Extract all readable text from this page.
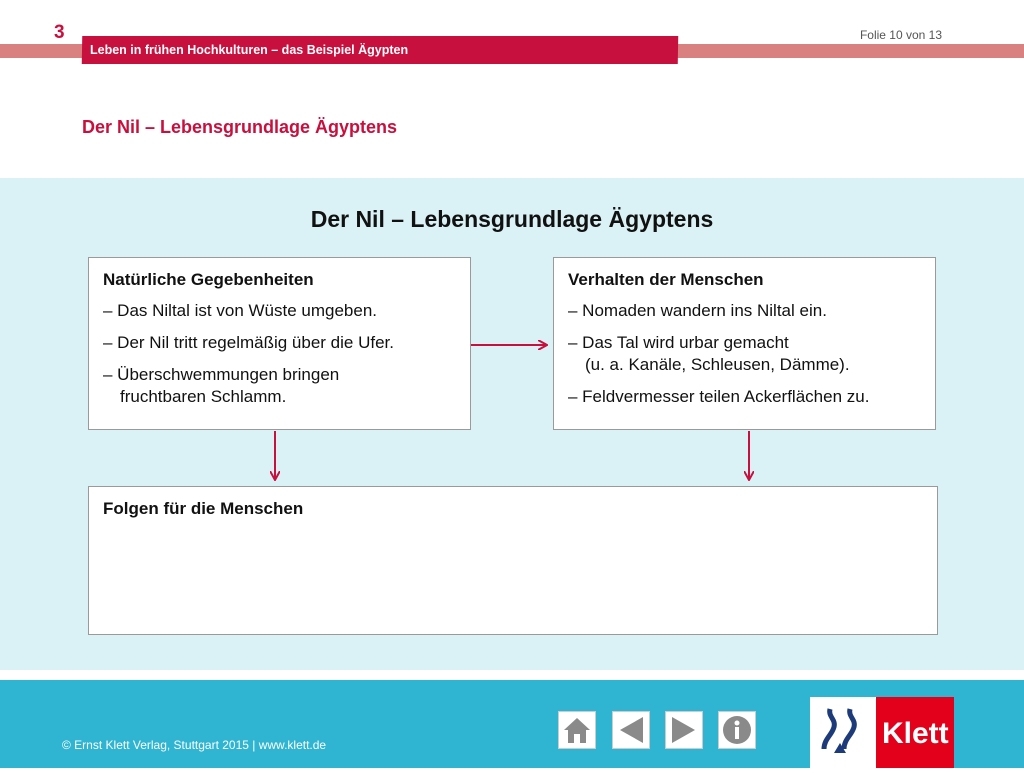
3	Folie 10 von 13
Leben in frühen Hochkulturen – das Beispiel Ägypten
Der Nil – Lebensgrundlage Ägyptens
Der Nil – Lebensgrundlage Ägyptens
Natürliche Gegebenheiten
– Das Niltal ist von Wüste umgeben.
– Der Nil tritt regelmäßig über die Ufer.
– Überschwemmungen bringen
fruchtbaren Schlamm.
Verhalten der Menschen
– Nomaden wandern ins Niltal ein.
– Das Tal wird urbar gemacht
(u. a. Kanäle, Schleusen, Dämme).
– Feldvermesser teilen Ackerflächen zu.
Folgen für die Menschen
© Ernst Klett Verlag, Stuttgart 2015 | www.klett.de	Klett
